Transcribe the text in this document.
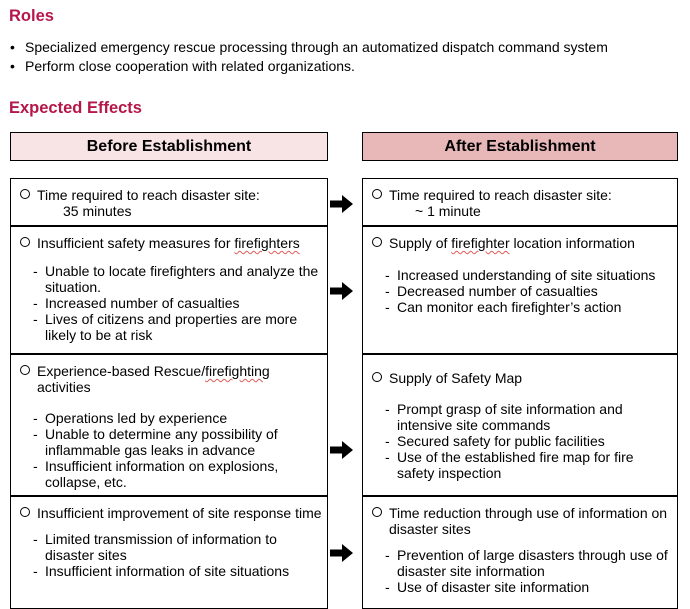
Roles
• Specialized emergency rescue processing through an automatized dispatch command system
• Perform close cooperation with related organizations.
Expected Effects
Before Establishment	After Establishment
Time required to reach disaster site:
35 minutes
Time required to reach disaster site:
~ 1 minute
Insufficient safety measures for firefighters
- Unable to locate firefighters and analyze the situation.
- Increased number of casualties
- Lives of citizens and properties are more likely to be at risk
Supply of firefighter location information
- Increased understanding of site situations
- Decreased number of casualties
- Can monitor each firefighter’s action
Experience-based Rescue/firefighting activities
- Operations led by experience
- Unable to determine any possibility of inflammable gas leaks in advance
- Insufficient information on explosions, collapse, etc.
Supply of Safety Map
- Prompt grasp of site information and intensive site commands
- Secured safety for public facilities
- Use of the established fire map for fire safety inspection
Insufficient improvement of site response time
- Limited transmission of information to disaster sites
- Insufficient information of site situations
Time reduction through use of information on disaster sites
- Prevention of large disasters through use of disaster site information
- Use of disaster site information
